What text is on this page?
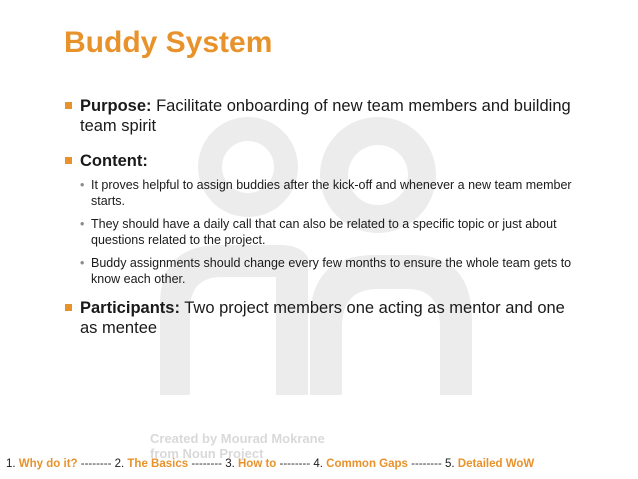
Created by Mourad Mokrane
from Noun Project
Buddy System
Purpose: Facilitate onboarding of new team members and building team spirit
Content:
• It proves helpful to assign buddies after the kick-off and whenever a new team member starts.
• They should have a daily call that can also be related to a specific topic or just about questions related to the project.
• Buddy assignments should change every few months to ensure the whole team gets to know each other.
Participants: Two project members one acting as mentor and one as mentee
1. Why do it? -------- 2. The Basics -------- 3. How to -------- 4. Common Gaps -------- 5. Detailed WoW
